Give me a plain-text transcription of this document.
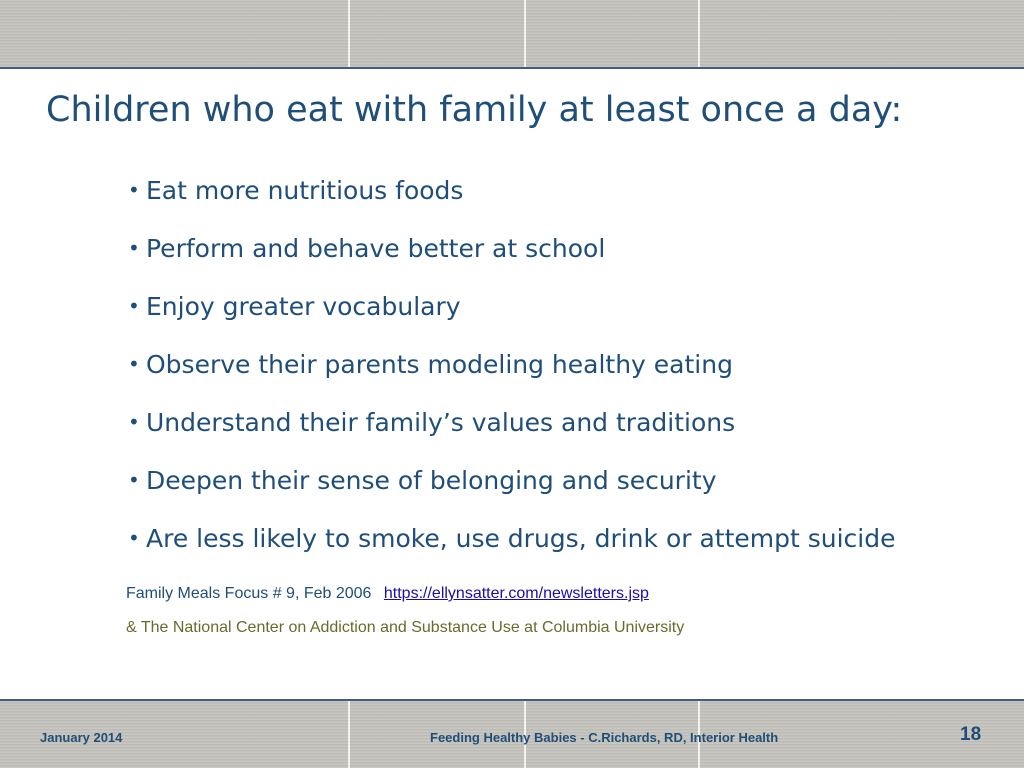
Children who eat with family at least once a day:
• Eat more nutritious foods
• Perform and behave better at school
• Enjoy greater vocabulary
• Observe their parents modeling healthy eating
• Understand their family’s values and traditions
• Deepen their sense of belonging and security
• Are less likely to smoke, use drugs, drink or attempt suicide
Family Meals Focus # 9, Feb 2006 https://ellynsatter.com/newsletters.jsp
& The National Center on Addiction and Substance Use at Columbia University
January 2014	Feeding Healthy Babies - C.Richards, RD, Interior Health	18
